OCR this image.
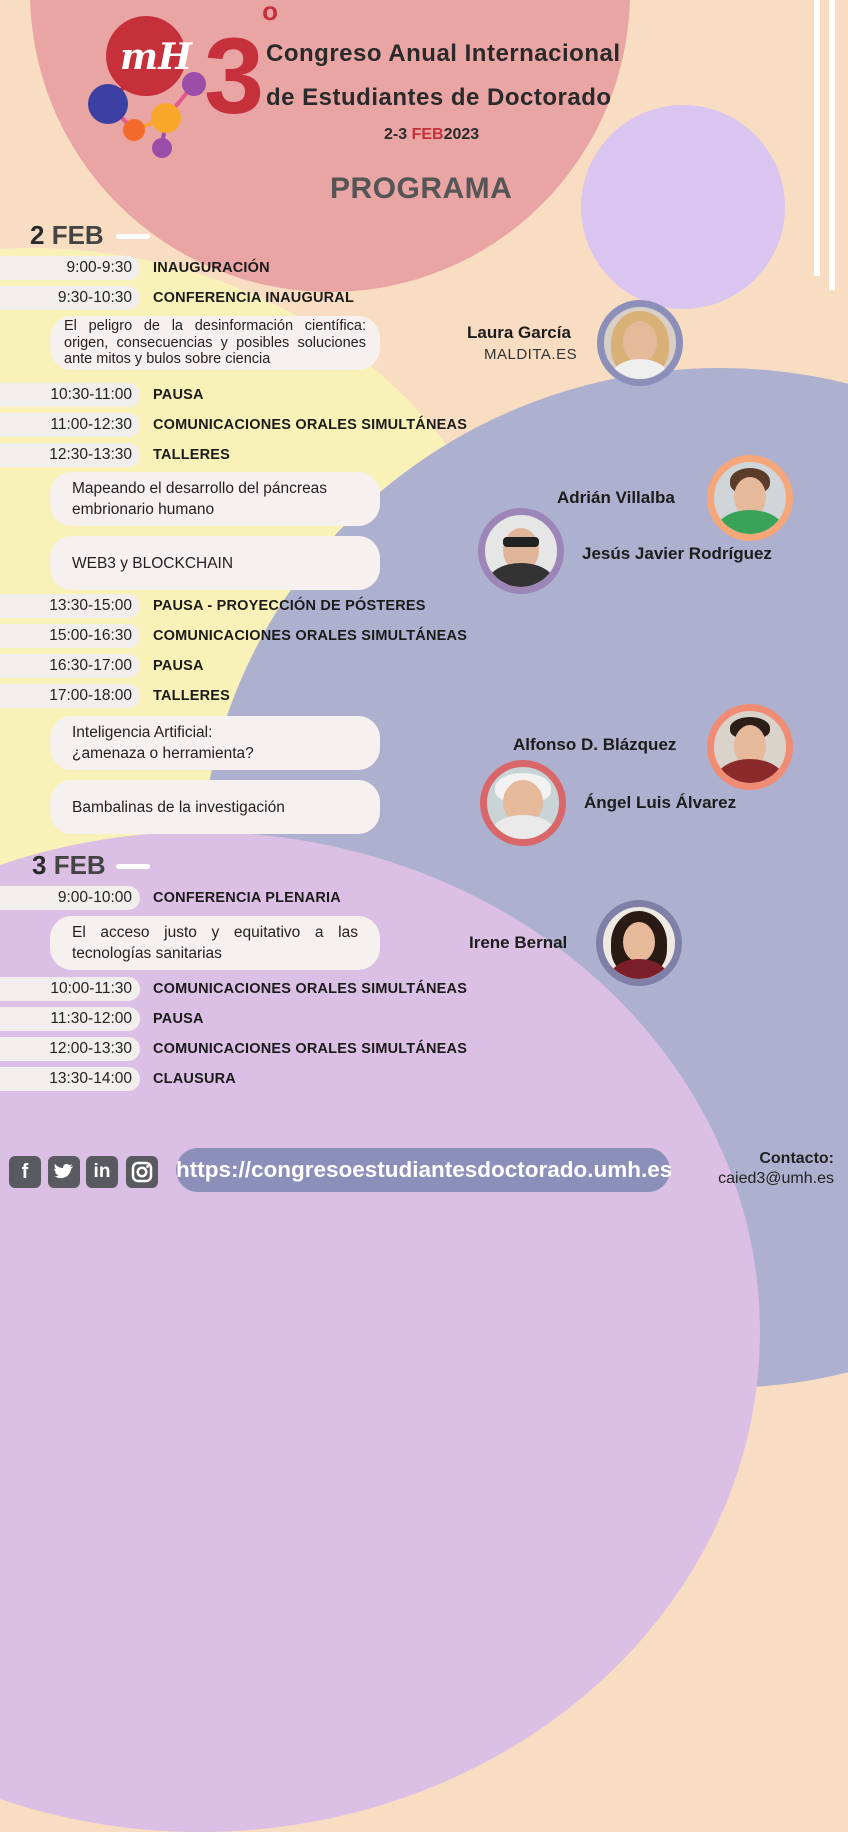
mH 3$^o$
Congreso Anual Internacional
de Estudiantes de Doctorado
2-3 FEB2023
PROGRAMA
2 FEB
9:00-9:30	INAUGURACIÓN
9:30-10:30	CONFERENCIA INAUGURAL
El peligro de la desinformación científica: origen, consecuencias y posibles soluciones ante mitos y bulos sobre ciencia
10:30-11:00	PAUSA
11:00-12:30	COMUNICACIONES ORALES SIMULTÁNEAS
12:30-13:30	TALLERES
Mapeando el desarrollo del páncreas embrionario humano
WEB3 y BLOCKCHAIN
13:30-15:00	PAUSA - PROYECCIÓN DE PÓSTERES
15:00-16:30	COMUNICACIONES ORALES SIMULTÁNEAS
16:30-17:00	PAUSA
17:00-18:00	TALLERES
Inteligencia Artificial: ¿amenaza o herramienta?
Bambalinas de la investigación
3 FEB
9:00-10:00	CONFERENCIA PLENARIA
El acceso justo y equitativo a las tecnologías sanitarias
10:00-11:30	COMUNICACIONES ORALES SIMULTÁNEAS
11:30-12:00	PAUSA
12:00-13:30	COMUNICACIONES ORALES SIMULTÁNEAS
13:30-14:00	CLAUSURA
Laura García
MALDITA.ES
Adrián Villalba
Jesús Javier Rodríguez
Alfonso D. Blázquez
Ángel Luis Álvarez
Irene Bernal
f	in	https://congresoestudiantesdoctorado.umh.es	Contacto:
caied3@umh.es
